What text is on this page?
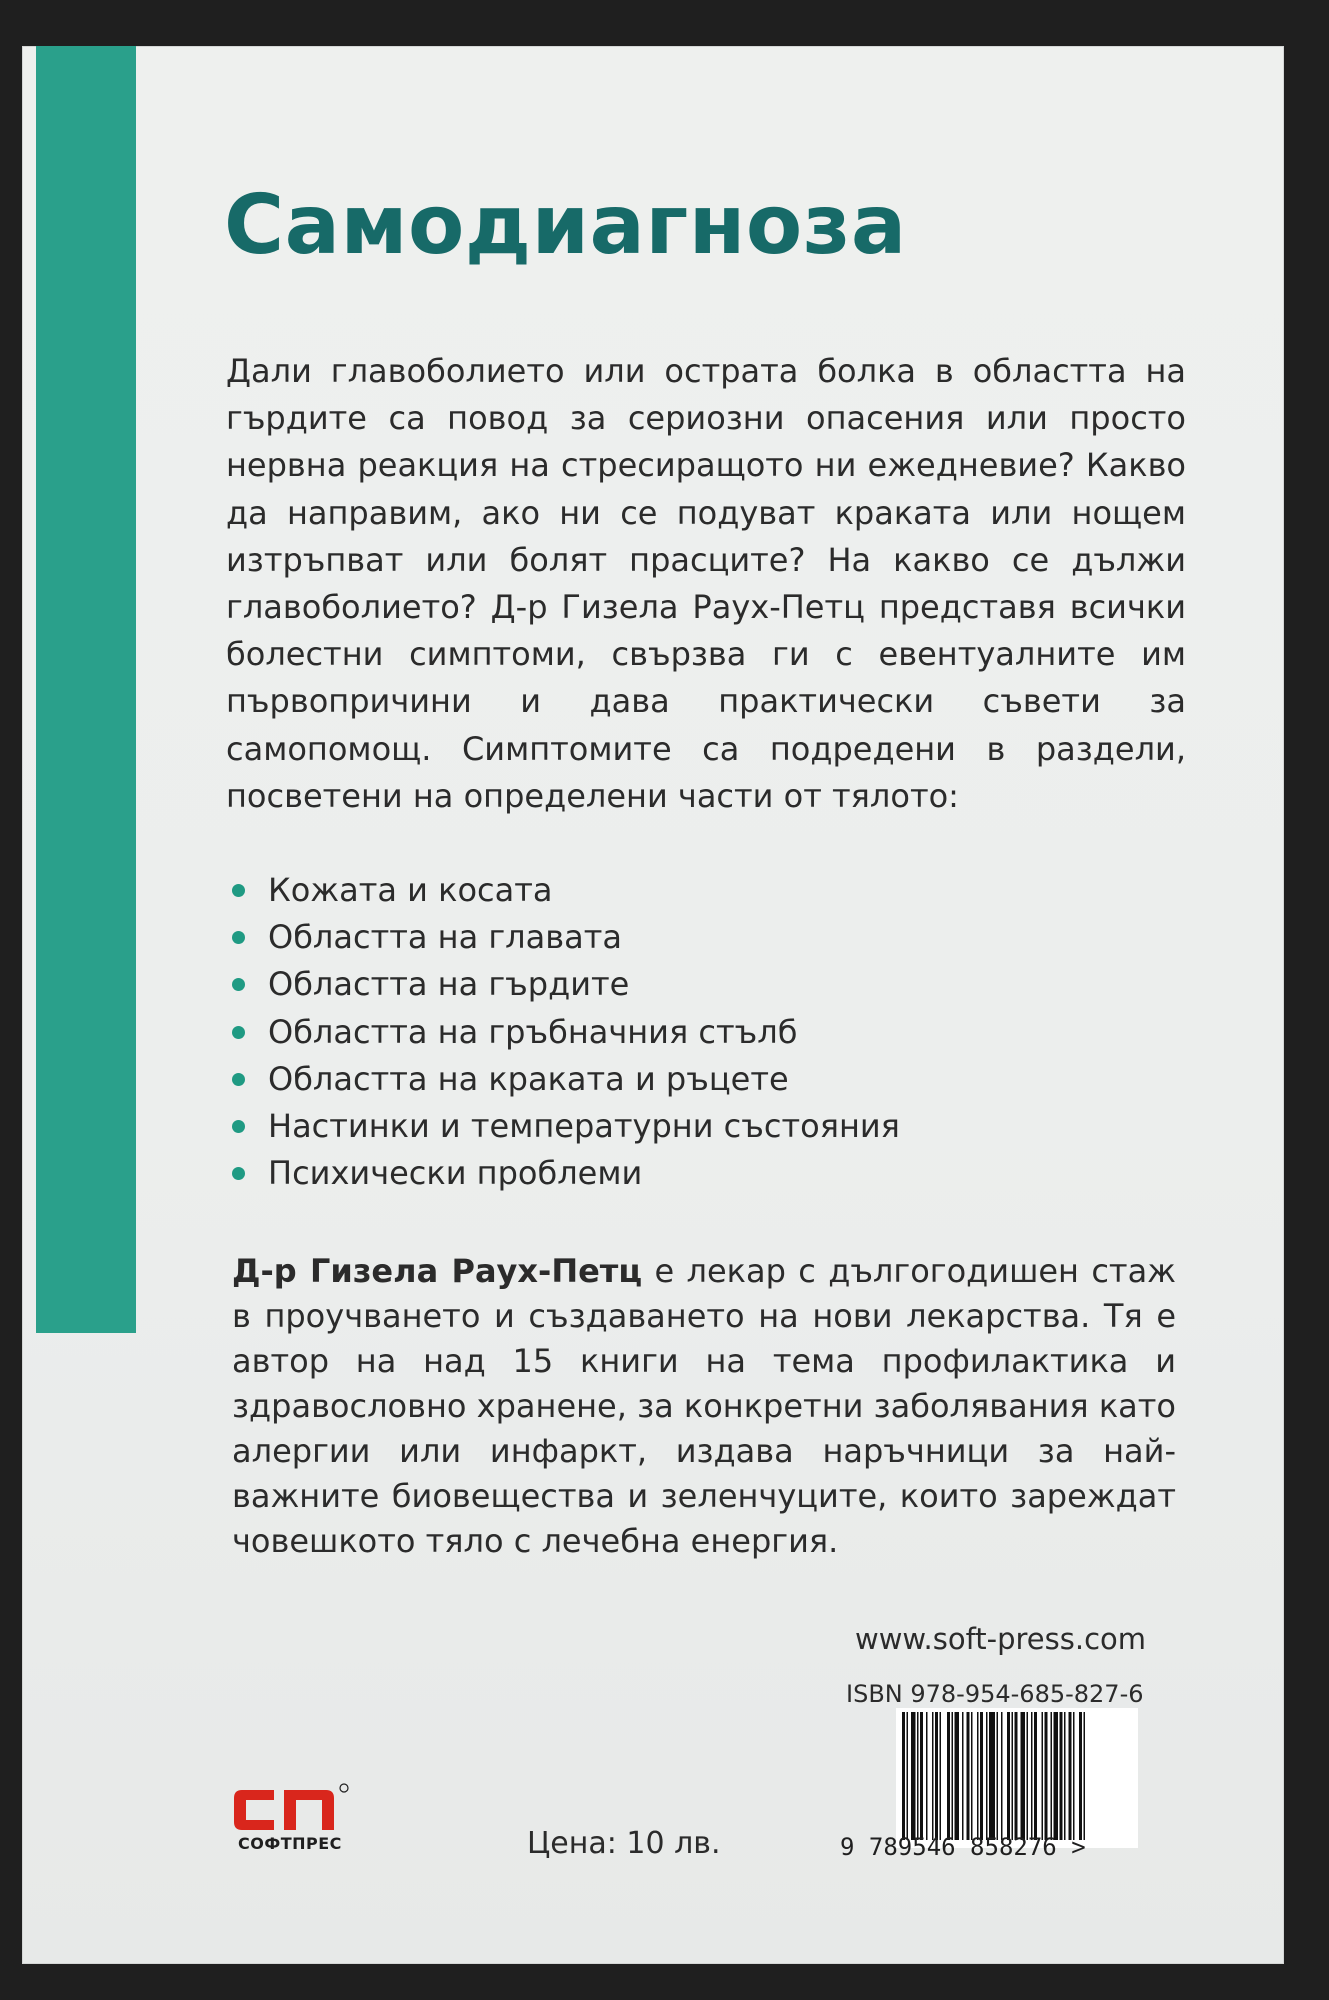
Самодиагноза

Дали главоболието или острата болка в областта на гърдите са повод за сериозни опасения или просто нервна реакция на стресиращото ни ежедневие? Какво да направим, ако ни се подуват краката или нощем изтръпват или болят прасците? На какво се дължи главоболието? Д-р Гизела Раух-Петц представя всички болестни симптоми, свързва ги с евентуалните им първопричини и дава практически съвети за самопомощ. Симптомите са подредени в раздели, посветени на определени части от тялото:

Кожата и косата
Областта на главата
Областта на гърдите
Областта на гръбначния стълб
Областта на краката и ръцете
Настинки и температурни състояния
Психически проблеми

Д-р Гизела Раух-Петц е лекар с дългогодишен стаж в проучването и създаването на нови лекарства. Тя е автор на над 15 книги на тема профилактика и здравословно хранене, за конкретни заболявания като алергии или инфаркт, издава наръчници за най-важните биовещества и зеленчуците, които зареждат човешкото тяло с лечебна енергия.

www.soft-press.com
ISBN 978-954-685-827-6
9 789546 858276 >
Цена: 10 лв.
СОФТПРЕС
